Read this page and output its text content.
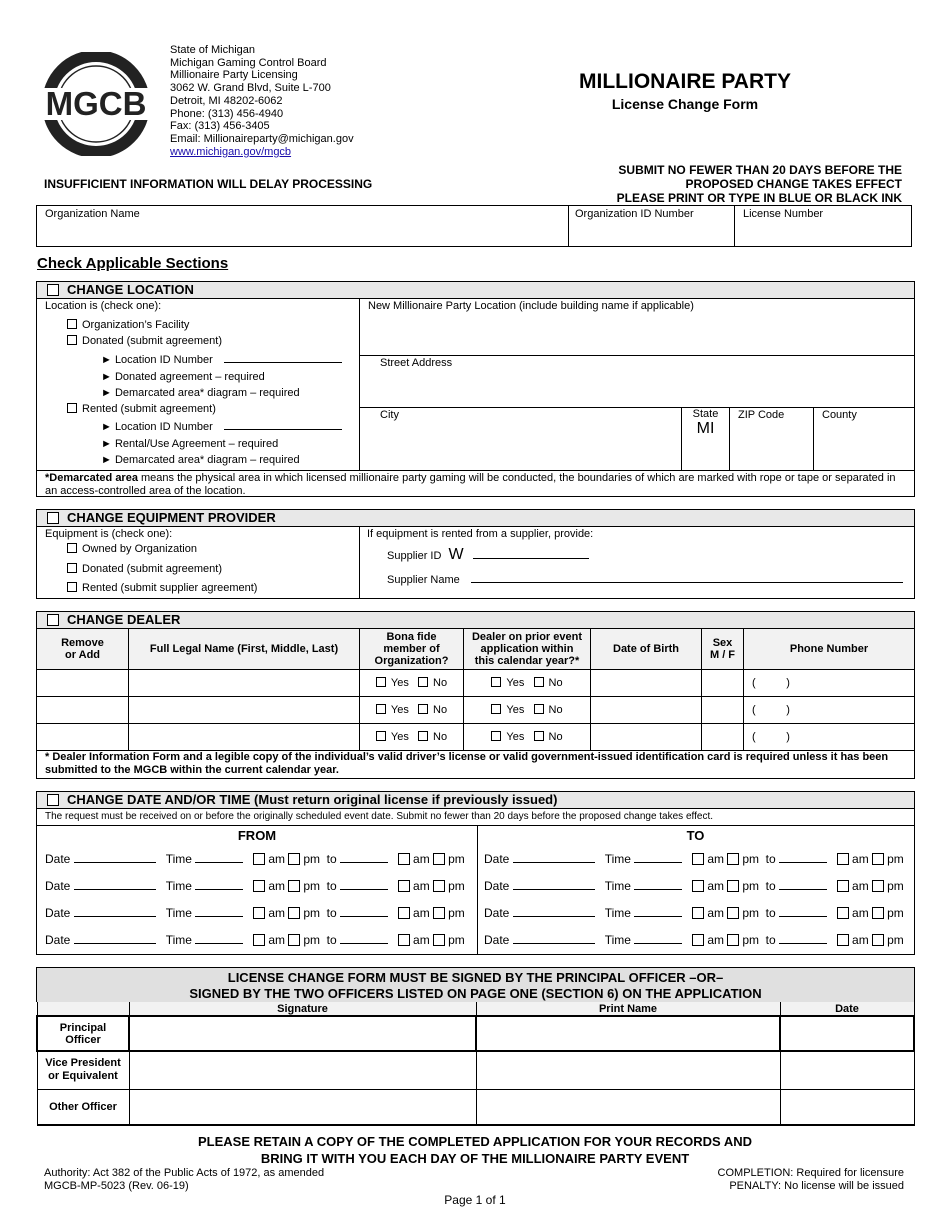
MGCB
State of Michigan
Michigan Gaming Control Board
Millionaire Party Licensing
3062 W. Grand Blvd, Suite L-700
Detroit, MI 48202-6062
Phone: (313) 456-4940
Fax: (313) 456-3405
Email: Millionaireparty@michigan.gov
www.michigan.gov/mgcb
MILLIONAIRE PARTY
License Change Form
INSUFFICIENT INFORMATION WILL DELAY PROCESSING
SUBMIT NO FEWER THAN 20 DAYS BEFORE THE
PROPOSED CHANGE TAKES EFFECT
PLEASE PRINT OR TYPE IN BLUE OR BLACK INK
Organization Name	Organization ID Number	License Number
Check Applicable Sections
CHANGE LOCATION
Location is (check one):
Organization’s Facility
Donated (submit agreement)
► Location ID Number
► Donated agreement – required
► Demarcated area* diagram – required
Rented (submit agreement)
► Location ID Number
► Rental/Use Agreement – required
► Demarcated area* diagram – required
New Millionaire Party Location (include building name if applicable)
Street Address
City	State
MI
ZIP Code	County
*Demarcated area means the physical area in which licensed millionaire party gaming will be conducted, the boundaries of which are marked with rope or tape or separated in an access-controlled area of the location.
CHANGE EQUIPMENT PROVIDER
Equipment is (check one):
Owned by Organization
Donated (submit agreement)
Rented (submit supplier agreement)
If equipment is rented from a supplier, provide:
Supplier ID W
Supplier Name
CHANGE DEALER
Remove
or Add	Full Legal Name (First, Middle, Last)	Bona fide
member of
Organization?	Dealer on prior event
application within
this calendar year?*	Date of Birth	Sex
M / F	Phone Number
		Yes No	Yes No			(          )
		Yes No	Yes No			(          )
		Yes No	Yes No			(          )
* Dealer Information Form and a legible copy of the individual’s valid driver’s license or valid government-issued identification card is required unless it has been submitted to the MGCB within the current calendar year.
CHANGE DATE AND/OR TIME (Must return original license if previously issued)
The request must be received on or before the originally scheduled event date. Submit no fewer than 20 days before the proposed change takes effect.
FROM	TO
Date	Time	am pm to	am pm Date	Time	am pm to	am pm
Date	Time	am pm to	am pm Date	Time	am pm to	am pm
Date	Time	am pm to	am pm Date	Time	am pm to	am pm
Date	Time	am pm to	am pm Date	Time	am pm to	am pm
LICENSE CHANGE FORM MUST BE SIGNED BY THE PRINCIPAL OFFICER –OR–
SIGNED BY THE TWO OFFICERS LISTED ON PAGE ONE (SECTION 6) ON THE APPLICATION
	Signature	Print Name	Date
Principal
Officer			
Vice President
or Equivalent			
Other Officer			
PLEASE RETAIN A COPY OF THE COMPLETED APPLICATION FOR YOUR RECORDS AND
BRING IT WITH YOU EACH DAY OF THE MILLIONAIRE PARTY EVENT
Authority: Act 382 of the Public Acts of 1972, as amended
MGCB-MP-5023 (Rev. 06-19)
COMPLETION: Required for licensure
PENALTY: No license will be issued
Page 1 of 1
